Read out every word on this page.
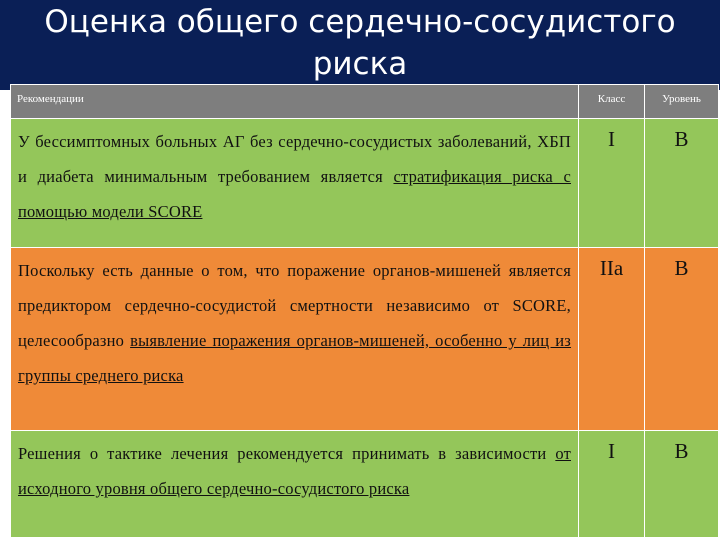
Оценка общего сердечно-сосудистого риска
Рекомендации	Класс	Уровень

У бессимптомных больных АГ без сердечно-сосудистых заболеваний, ХБП и диабета минимальным требованием является стратификация риска с помощью модели SCORE	I	B

Поскольку есть данные о том, что поражение органов-мишеней является предиктором сердечно-сосудистой смертности независимо от SCORE, целесообразно выявление поражения органов-мишеней, особенно у лиц из группы среднего риска	IIa	B

Решения о тактике лечения рекомендуется принимать в зависимости от исходного уровня общего сердечно-сосудистого риска	I	B
